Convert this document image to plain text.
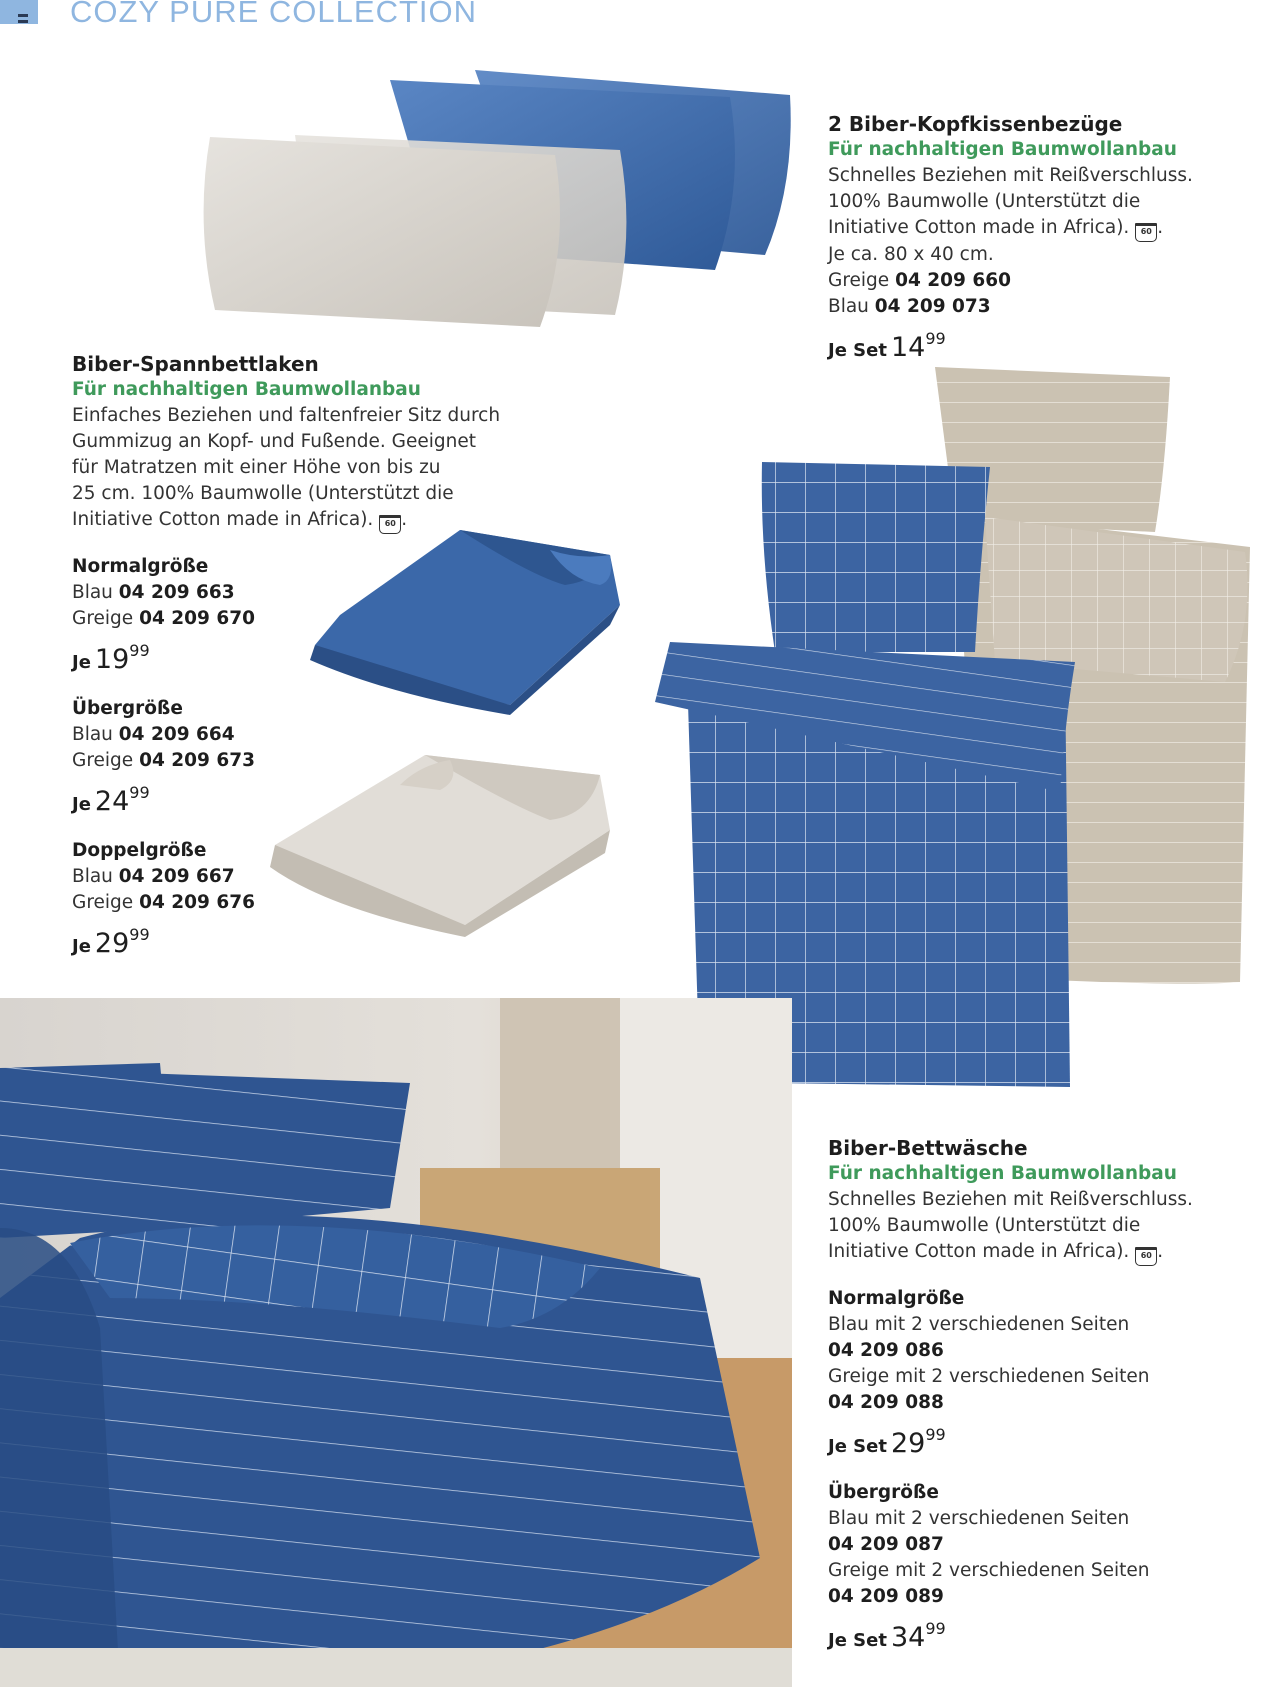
COZY PURE COLLECTION
2 Biber-Kopfkissenbezüge
Für nachhaltigen Baumwollanbau
Schnelles Beziehen mit Reißverschluss.
100% Baumwolle (Unterstützt die
Initiative Cotton made in Africa). 60 .
Je ca. 80 x 40 cm.
Greige 04 209 660
Blau 04 209 073
Je Set 1499
Biber-Spannbettlaken
Für nachhaltigen Baumwollanbau
Einfaches Beziehen und faltenfreier Sitz durch
Gummizug an Kopf- und Fußende. Geeignet
für Matratzen mit einer Höhe von bis zu
25 cm. 100% Baumwolle (Unterstützt die
Initiative Cotton made in Africa). 60 .
Normalgröße
Blau 04 209 663
Greige 04 209 670
Je 1999
Übergröße
Blau 04 209 664
Greige 04 209 673
Je 2499
Doppelgröße
Blau 04 209 667
Greige 04 209 676
Je 2999
Biber-Bettwäsche
Für nachhaltigen Baumwollanbau
Schnelles Beziehen mit Reißverschluss.
100% Baumwolle (Unterstützt die
Initiative Cotton made in Africa). 60 .
Normalgröße
Blau mit 2 verschiedenen Seiten
04 209 086
Greige mit 2 verschiedenen Seiten
04 209 088
Je Set 2999
Übergröße
Blau mit 2 verschiedenen Seiten
04 209 087
Greige mit 2 verschiedenen Seiten
04 209 089
Je Set 3499
